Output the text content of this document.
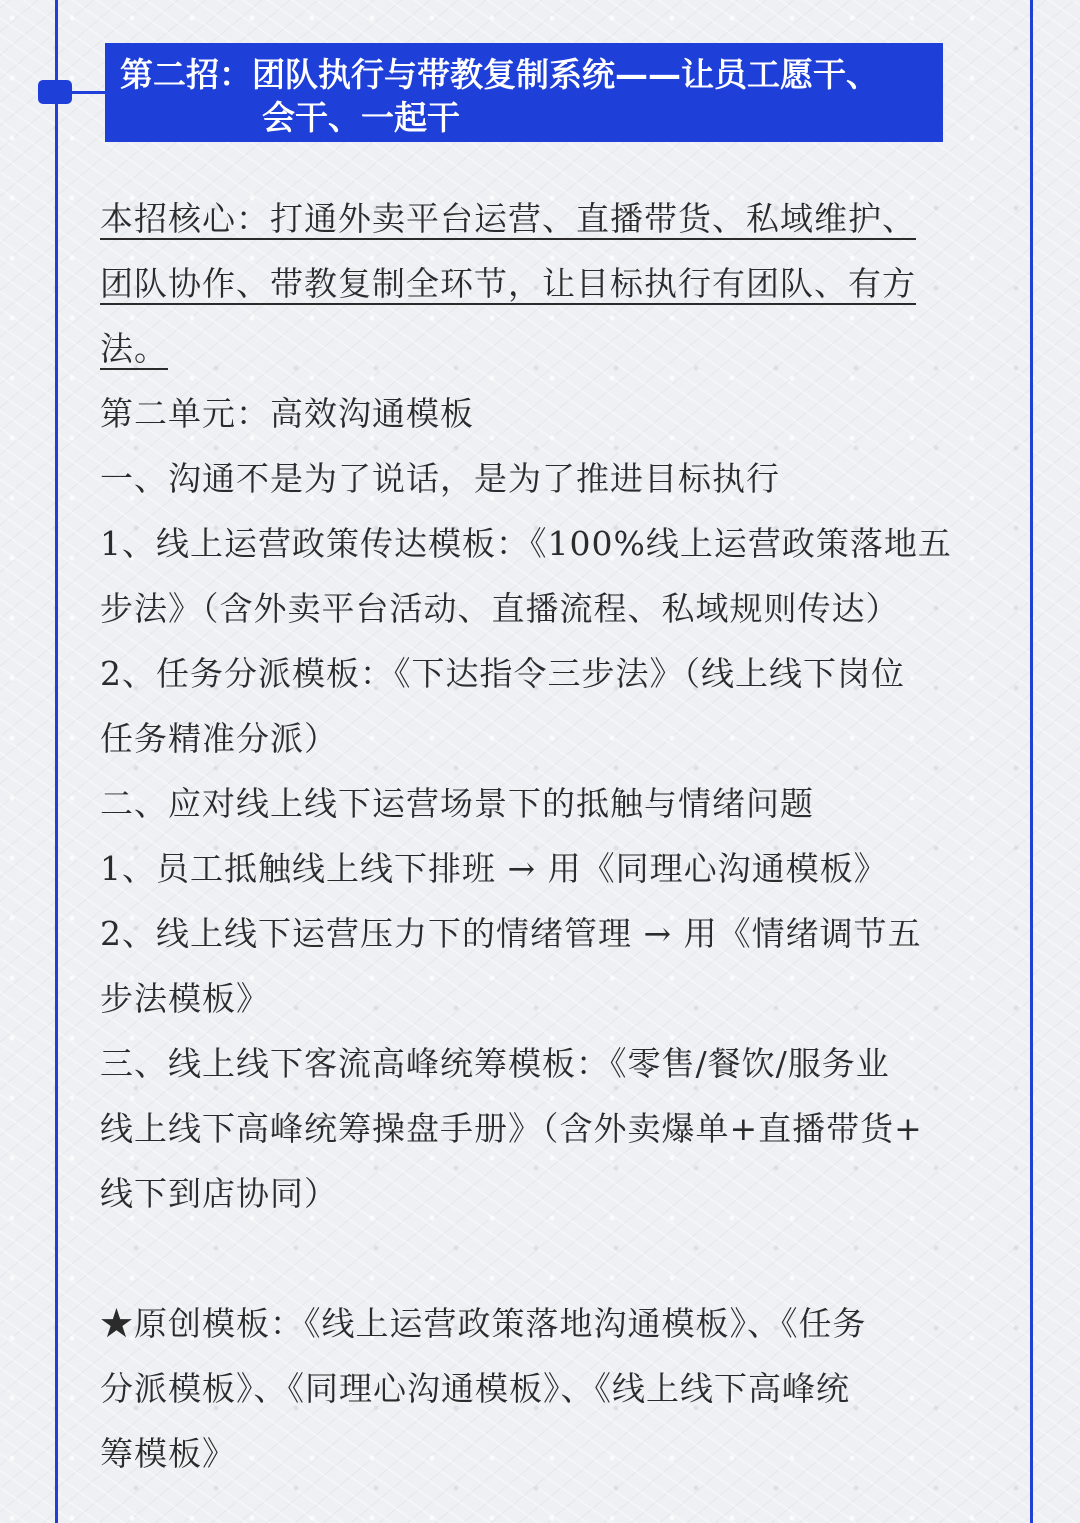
第二招：团队执行与带教复制系统——让员工愿干、
会干、一起干
本招核心：打通外卖平台运营、直播带货、私域维护、
团队协作、带教复制全环节，让目标执行有团队、有方
法。
第二单元：高效沟通模板
一、沟通不是为了说话，是为了推进目标执行
1、线上运营政策传达模板：《100%线上运营政策落地五
步法》（含外卖平台活动、直播流程、私域规则传达）
2、任务分派模板：《下达指令三步法》（线上线下岗位
任务精准分派）
二、应对线上线下运营场景下的抵触与情绪问题
1、员工抵触线上线下排班 → 用《同理心沟通模板》
2、线上线下运营压力下的情绪管理 → 用《情绪调节五
步法模板》
三、线上线下客流高峰统筹模板：《零售/餐饮/服务业
线上线下高峰统筹操盘手册》（含外卖爆单+直播带货+
线下到店协同）
★原创模板：《线上运营政策落地沟通模板》、《任务
分派模板》、《同理心沟通模板》、《线上线下高峰统
筹模板》
